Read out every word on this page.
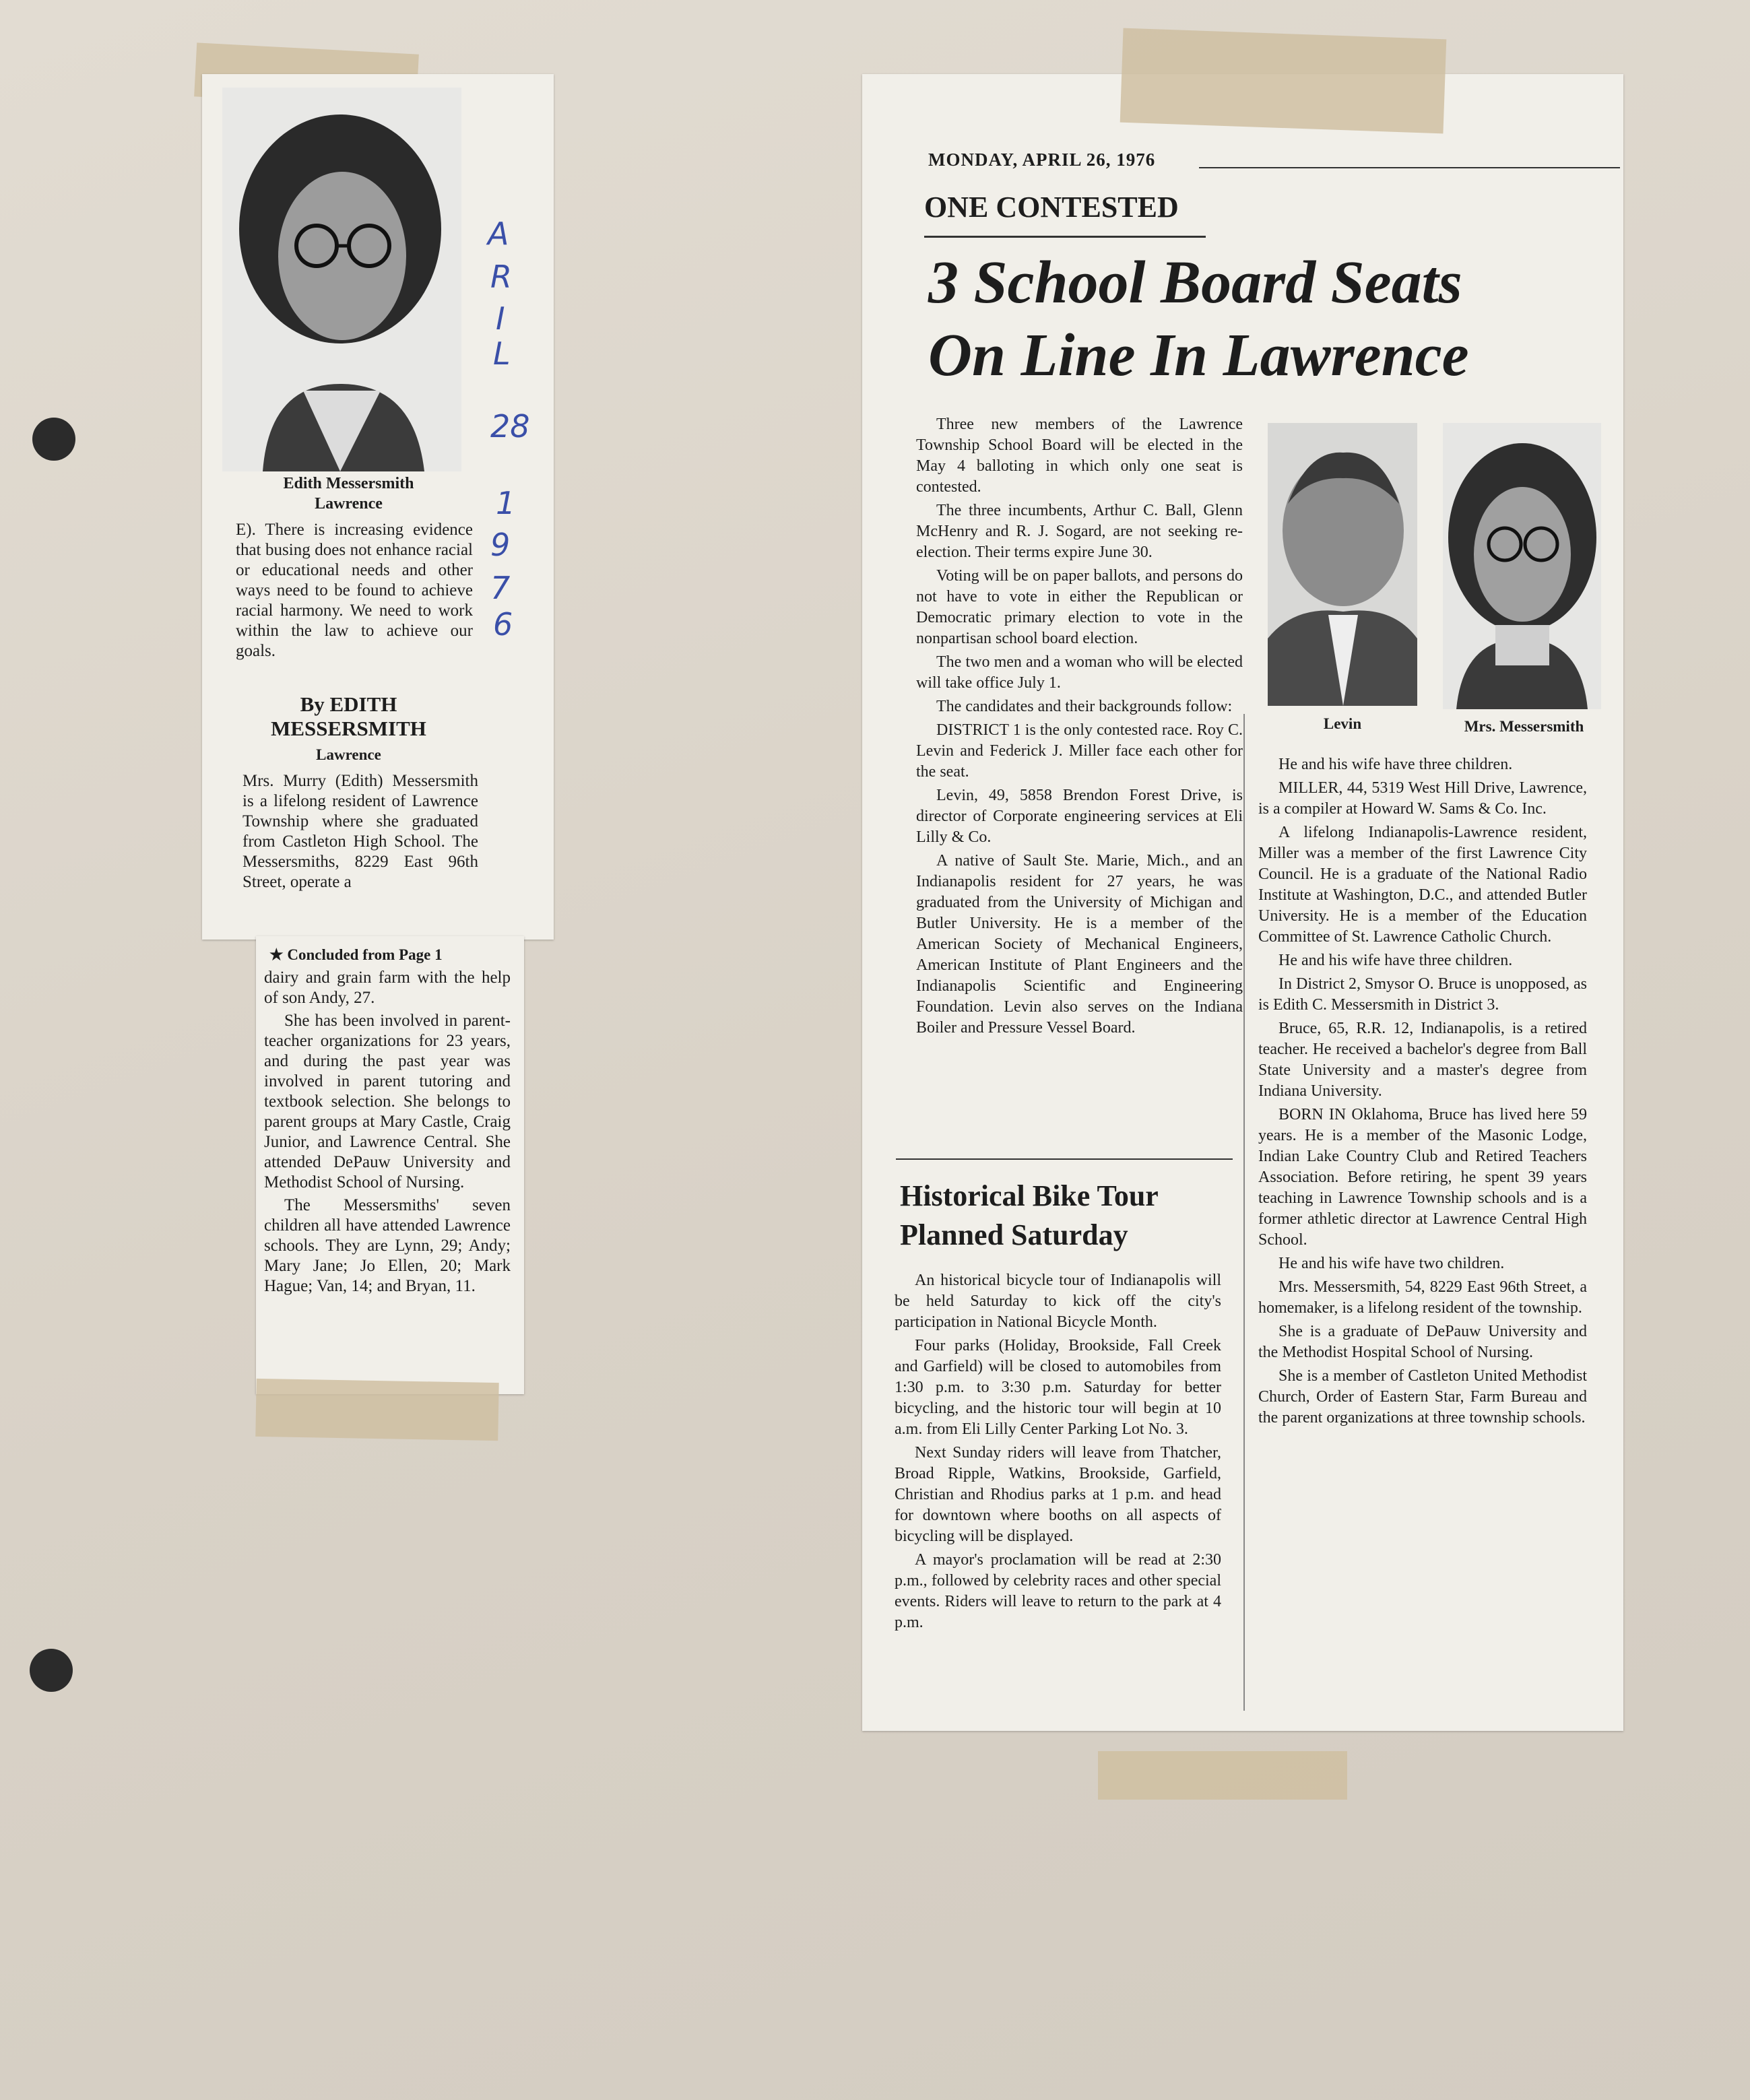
Edith Messersmith
Lawrence
E). There is increasing evidence that busing does not enhance racial or educational needs and other ways need to be found to achieve racial harmony. We need to work within the law to achieve our goals.
By EDITH
MESSERSMITH
Lawrence
Mrs. Murry (Edith) Messersmith is a lifelong resident of Lawrence Township where she graduated from Castleton High School. The Messersmiths, 8229 East 96th Street, operate a
A
R
I
L
28
1
9
7
6
★ Concluded from Page 1

dairy and grain farm with the help of son Andy, 27.

She has been involved in parent-teacher organizations for 23 years, and during the past year was involved in parent tutoring and textbook selection. She belongs to parent groups at Mary Castle, Craig Junior, and Lawrence Central. She attended DePauw University and Methodist School of Nursing.

The Messersmiths' seven children all have attended Lawrence schools. They are Lynn, 29; Andy; Mary Jane; Jo Ellen, 20; Mark Hague; Van, 14; and Bryan, 11.

MONDAY, APRIL 26, 1976
ONE CONTESTED
3 School Board Seats
On Line In Lawrence

Three new members of the Lawrence Township School Board will be elected in the May 4 balloting in which only one seat is contested.

The three incumbents, Arthur C. Ball, Glenn McHenry and R. J. Sogard, are not seeking re-election. Their terms expire June 30.

Voting will be on paper ballots, and persons do not have to vote in either the Republican or Democratic primary election to vote in the nonpartisan school board election.

The two men and a woman who will be elected will take office July 1.

The candidates and their backgrounds follow:

DISTRICT 1 is the only contested race. Roy C. Levin and Federick J. Miller face each other for the seat.

Levin, 49, 5858 Brendon Forest Drive, is director of Corporate engineering services at Eli Lilly & Co.

A native of Sault Ste. Marie, Mich., and an Indianapolis resident for 27 years, he was graduated from the University of Michigan and Butler University. He is a member of the American Society of Mechanical Engineers, American Institute of Plant Engineers and the Indianapolis Scientific and Engineering Foundation. Levin also serves on the Indiana Boiler and Pressure Vessel Board.

Historical Bike Tour
Planned Saturday

An historical bicycle tour of Indianapolis will be held Saturday to kick off the city's participation in National Bicycle Month.

Four parks (Holiday, Brookside, Fall Creek and Garfield) will be closed to automobiles from 1:30 p.m. to 3:30 p.m. Saturday for better bicycling, and the historic tour will begin at 10 a.m. from Eli Lilly Center Parking Lot No. 3.

Next Sunday riders will leave from Thatcher, Broad Ripple, Watkins, Brookside, Garfield, Christian and Rhodius parks at 1 p.m. and head for downtown where booths on all aspects of bicycling will be displayed.

A mayor's proclamation will be read at 2:30 p.m., followed by celebrity races and other special events. Riders will leave to return to the park at 4 p.m.

Levin	Mrs. Messersmith

He and his wife have three children.

MILLER, 44, 5319 West Hill Drive, Lawrence, is a compiler at Howard W. Sams & Co. Inc.

A lifelong Indianapolis-Lawrence resident, Miller was a member of the first Lawrence City Council. He is a graduate of the National Radio Institute at Washington, D.C., and attended Butler University. He is a member of the Education Committee of St. Lawrence Catholic Church.

He and his wife have three children.

In District 2, Smysor O. Bruce is unopposed, as is Edith C. Messersmith in District 3.

Bruce, 65, R.R. 12, Indianapolis, is a retired teacher. He received a bachelor's degree from Ball State University and a master's degree from Indiana University.

BORN IN Oklahoma, Bruce has lived here 59 years. He is a member of the Masonic Lodge, Indian Lake Country Club and Retired Teachers Association. Before retiring, he spent 39 years teaching in Lawrence Township schools and is a former athletic director at Lawrence Central High School.

He and his wife have two children.

Mrs. Messersmith, 54, 8229 East 96th Street, a homemaker, is a lifelong resident of the township.

She is a graduate of DePauw University and the Methodist Hospital School of Nursing.

She is a member of Castleton United Methodist Church, Order of Eastern Star, Farm Bureau and the parent organizations at three township schools.
